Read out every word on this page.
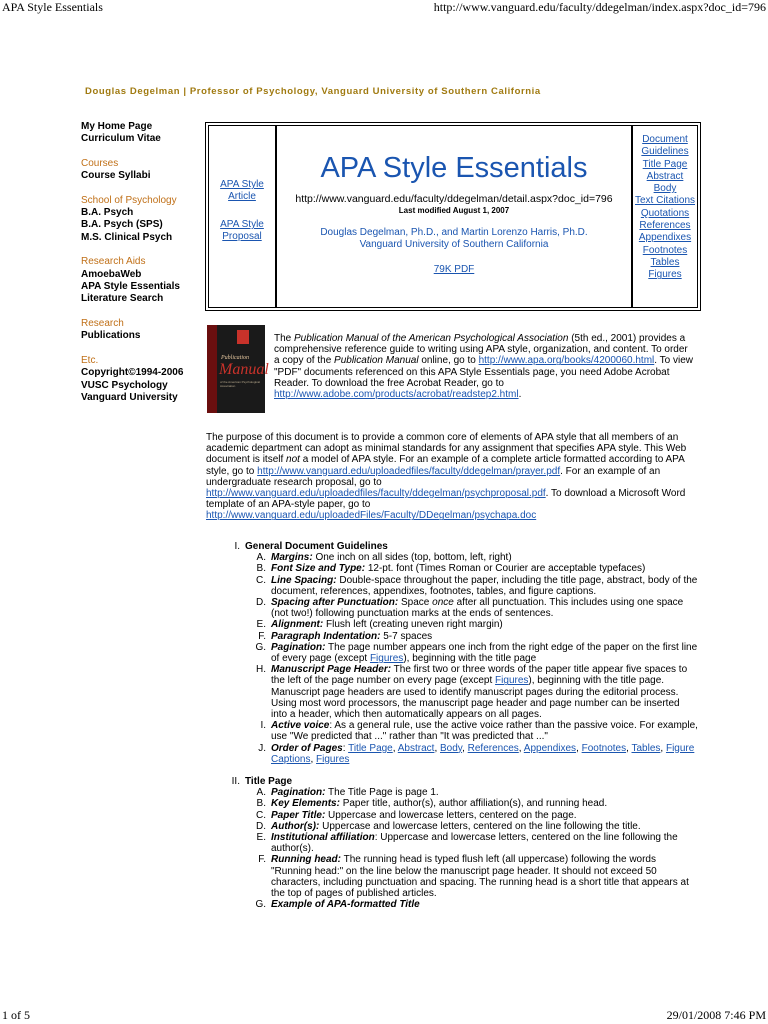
APA Style Essentials	http://www.vanguard.edu/faculty/ddegelman/index.aspx?doc_id=796
Douglas Degelman | Professor of Psychology, Vanguard University of Southern California
My Home Page
Curriculum Vitae
Courses
Course Syllabi
School of Psychology
B.A. Psych
B.A. Psych (SPS)
M.S. Clinical Psych
Research Aids
AmoebaWeb
APA Style Essentials
Literature Search
Research
Publications
Etc.
Copyright©1994-2006
VUSC Psychology
Vanguard University
APA Style Article
APA Style Proposal
APA Style Essentials
http://www.vanguard.edu/faculty/ddegelman/detail.aspx?doc_id=796
Last modified August 1, 2007
Douglas Degelman, Ph.D., and Martin Lorenzo Harris, Ph.D.
Vanguard University of Southern California
79K PDF
Document Guidelines
Title Page
Abstract
Body
Text Citations
Quotations
References
Appendixes
Footnotes
Tables
Figures
Publication
Manual
of the American Psychological Association
The Publication Manual of the American Psychological Association (5th ed., 2001) provides a comprehensive reference guide to writing using APA style, organization, and content. To order a copy of the Publication Manual online, go to http://www.apa.org/books/4200060.html. To view "PDF" documents referenced on this APA Style Essentials page, you need Adobe Acrobat Reader. To download the free Acrobat Reader, go to http://www.adobe.com/products/acrobat/readstep2.html.
The purpose of this document is to provide a common core of elements of APA style that all members of an academic department can adopt as minimal standards for any assignment that specifies APA style. This Web document is itself not a model of APA style. For an example of a complete article formatted according to APA style, go to http://www.vanguard.edu/uploadedfiles/faculty/ddegelman/prayer.pdf. For an example of an undergraduate research proposal, go to http://www.vanguard.edu/uploadedfiles/faculty/ddegelman/psychproposal.pdf. To download a Microsoft Word template of an APA-style paper, go to
http://www.vanguard.edu/uploadedFiles/Faculty/DDegelman/psychapa.doc
I. General Document Guidelines
A. Margins: One inch on all sides (top, bottom, left, right)
B. Font Size and Type: 12-pt. font (Times Roman or Courier are acceptable typefaces)
C. Line Spacing: Double-space throughout the paper, including the title page, abstract, body of the document, references, appendixes, footnotes, tables, and figure captions.
D. Spacing after Punctuation: Space once after all punctuation. This includes using one space (not two!) following punctuation marks at the ends of sentences.
E. Alignment: Flush left (creating uneven right margin)
F. Paragraph Indentation: 5-7 spaces
G. Pagination: The page number appears one inch from the right edge of the paper on the first line of every page (except Figures), beginning with the title page
H. Manuscript Page Header: The first two or three words of the paper title appear five spaces to the left of the page number on every page (except Figures), beginning with the title page. Manuscript page headers are used to identify manuscript pages during the editorial process. Using most word processors, the manuscript page header and page number can be inserted into a header, which then automatically appears on all pages.
I. Active voice: As a general rule, use the active voice rather than the passive voice. For example, use "We predicted that ..." rather than "It was predicted that ..."
J. Order of Pages: Title Page, Abstract, Body, References, Appendixes, Footnotes, Tables, Figure Captions, Figures
II. Title Page
A. Pagination: The Title Page is page 1.
B. Key Elements: Paper title, author(s), author affiliation(s), and running head.
C. Paper Title: Uppercase and lowercase letters, centered on the page.
D. Author(s): Uppercase and lowercase letters, centered on the line following the title.
E. Institutional affiliation: Uppercase and lowercase letters, centered on the line following the author(s).
F. Running head: The running head is typed flush left (all uppercase) following the words "Running head:" on the line below the manuscript page header. It should not exceed 50 characters, including punctuation and spacing. The running head is a short title that appears at the top of pages of published articles.
G. Example of APA-formatted Title
1 of 5	29/01/2008 7:46 PM
